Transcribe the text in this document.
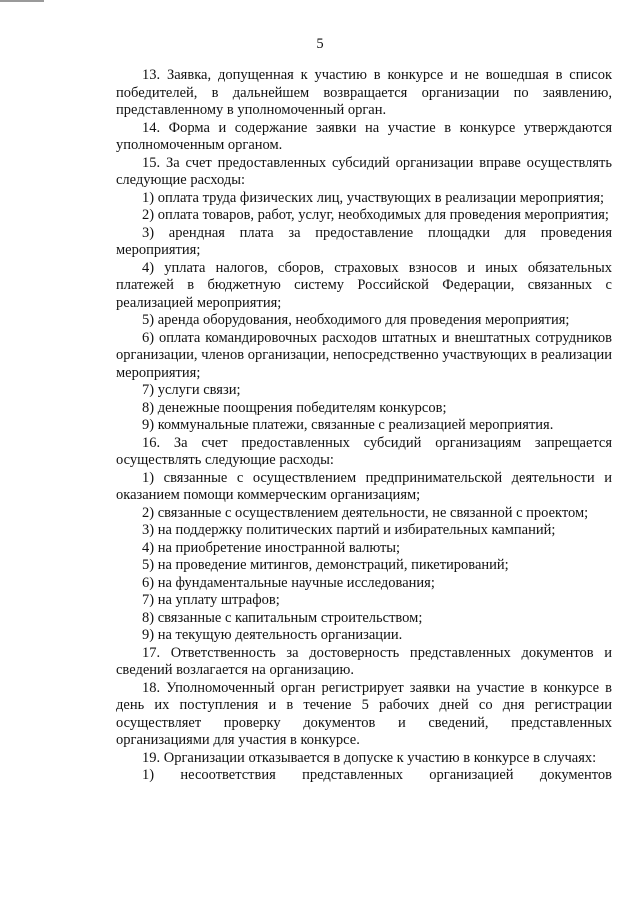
5

13. Заявка, допущенная к участию в конкурсе и не вошедшая в список победителей, в дальнейшем возвращается организации по заявлению, представленному в уполномоченный орган.

14. Форма и содержание заявки на участие в конкурсе утверждаются уполномоченным органом.

15. За счет предоставленных субсидий организации вправе осуществлять следующие расходы:

1) оплата труда физических лиц, участвующих в реализации мероприятия;

2) оплата товаров, работ, услуг, необходимых для проведения мероприятия;

3) арендная плата за предоставление площадки для проведения мероприятия;

4) уплата налогов, сборов, страховых взносов и иных обязательных платежей в бюджетную систему Российской Федерации, связанных с реализацией мероприятия;

5) аренда оборудования, необходимого для проведения мероприятия;

6) оплата командировочных расходов штатных и внештатных сотрудников организации, членов организации, непосредственно участвующих в реализации мероприятия;

7) услуги связи;

8) денежные поощрения победителям конкурсов;

9) коммунальные платежи, связанные с реализацией мероприятия.

16. За счет предоставленных субсидий организациям запрещается осуществлять следующие расходы:

1) связанные с осуществлением предпринимательской деятельности и оказанием помощи коммерческим организациям;

2) связанные с осуществлением деятельности, не связанной с проектом;

3) на поддержку политических партий и избирательных кампаний;

4) на приобретение иностранной валюты;

5) на проведение митингов, демонстраций, пикетирований;

6) на фундаментальные научные исследования;

7) на уплату штрафов;

8) связанные с капитальным строительством;

9) на текущую деятельность организации.

17. Ответственность за достоверность представленных документов и сведений возлагается на организацию.

18. Уполномоченный орган регистрирует заявки на участие в конкурсе в день их поступления и в течение 5 рабочих дней со дня регистрации осуществляет проверку документов и сведений, представленных организациями для участия в конкурсе.

19. Организации отказывается в допуске к участию в конкурсе в случаях:

1) несоответствия представленных организацией документов
